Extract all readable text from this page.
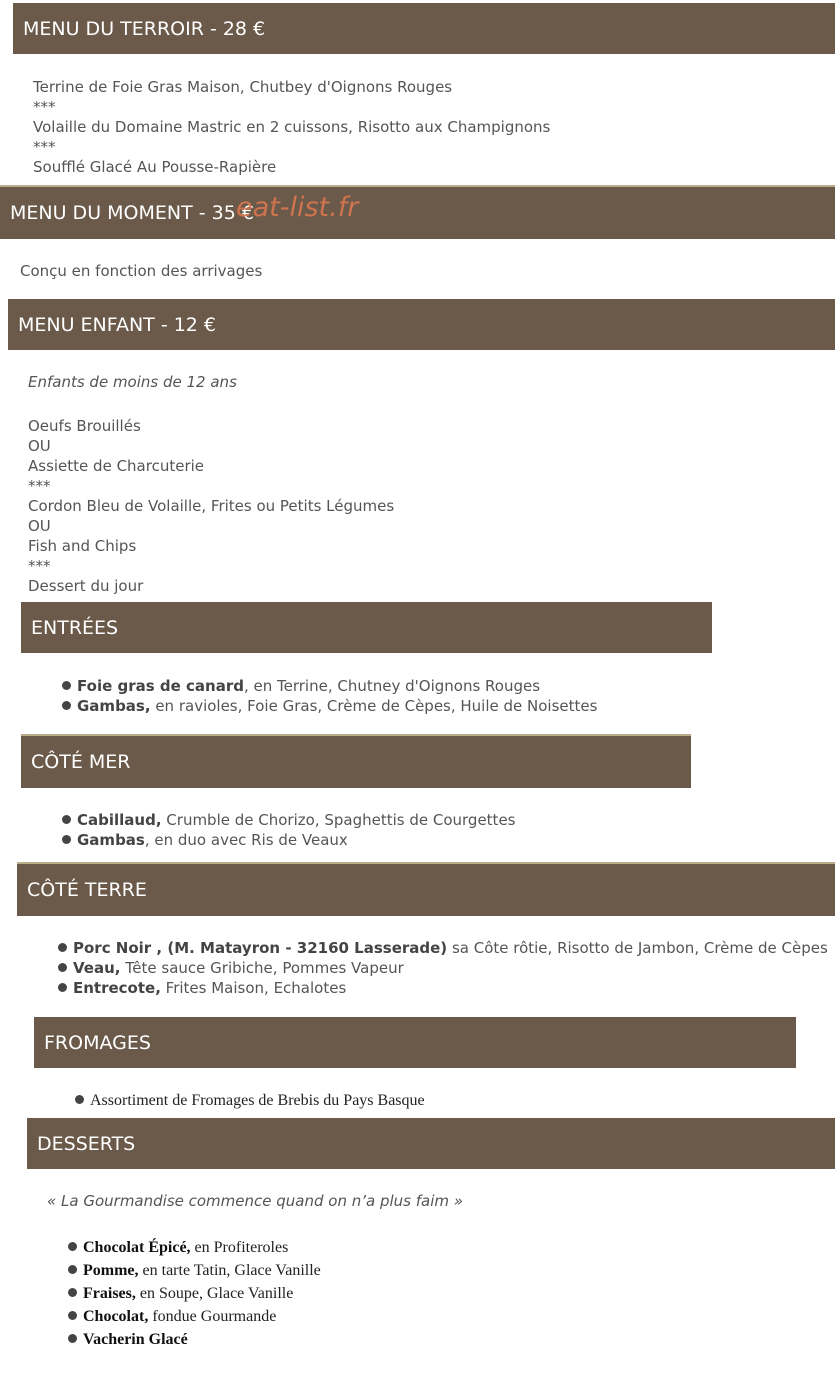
MENU DU TERROIR - 28 €
Terrine de Foie Gras Maison, Chutbey d'Oignons Rouges
***
Volaille du Domaine Mastric en 2 cuissons, Risotto aux Champignons
***
Soufflé Glacé Au Pousse-Rapière
MENU DU MOMENT - 35 €
eat-list.fr
Conçu en fonction des arrivages
MENU ENFANT - 12 €
Enfants de moins de 12 ans
Oeufs Brouillés
OU
Assiette de Charcuterie
***
Cordon Bleu de Volaille, Frites ou Petits Légumes
OU
Fish and Chips
***
Dessert du jour
ENTRÉES
Foie gras de canard, en Terrine, Chutney d'Oignons Rouges
Gambas, en ravioles, Foie Gras, Crème de Cèpes, Huile de Noisettes
CÔTÉ MER
Cabillaud, Crumble de Chorizo, Spaghettis de Courgettes
Gambas, en duo avec Ris de Veaux
CÔTÉ TERRE
Porc Noir , (M. Matayron - 32160 Lasserade) sa Côte rôtie, Risotto de Jambon, Crème de Cèpes
Veau, Tête sauce Gribiche, Pommes Vapeur
Entrecote, Frites Maison, Echalotes
FROMAGES
Assortiment de Fromages de Brebis du Pays Basque
DESSERTS
« La Gourmandise commence quand on n’a plus faim »
Chocolat Épicé, en Profiteroles
Pomme, en tarte Tatin, Glace Vanille
Fraises, en Soupe, Glace Vanille
Chocolat, fondue Gourmande
Vacherin Glacé
